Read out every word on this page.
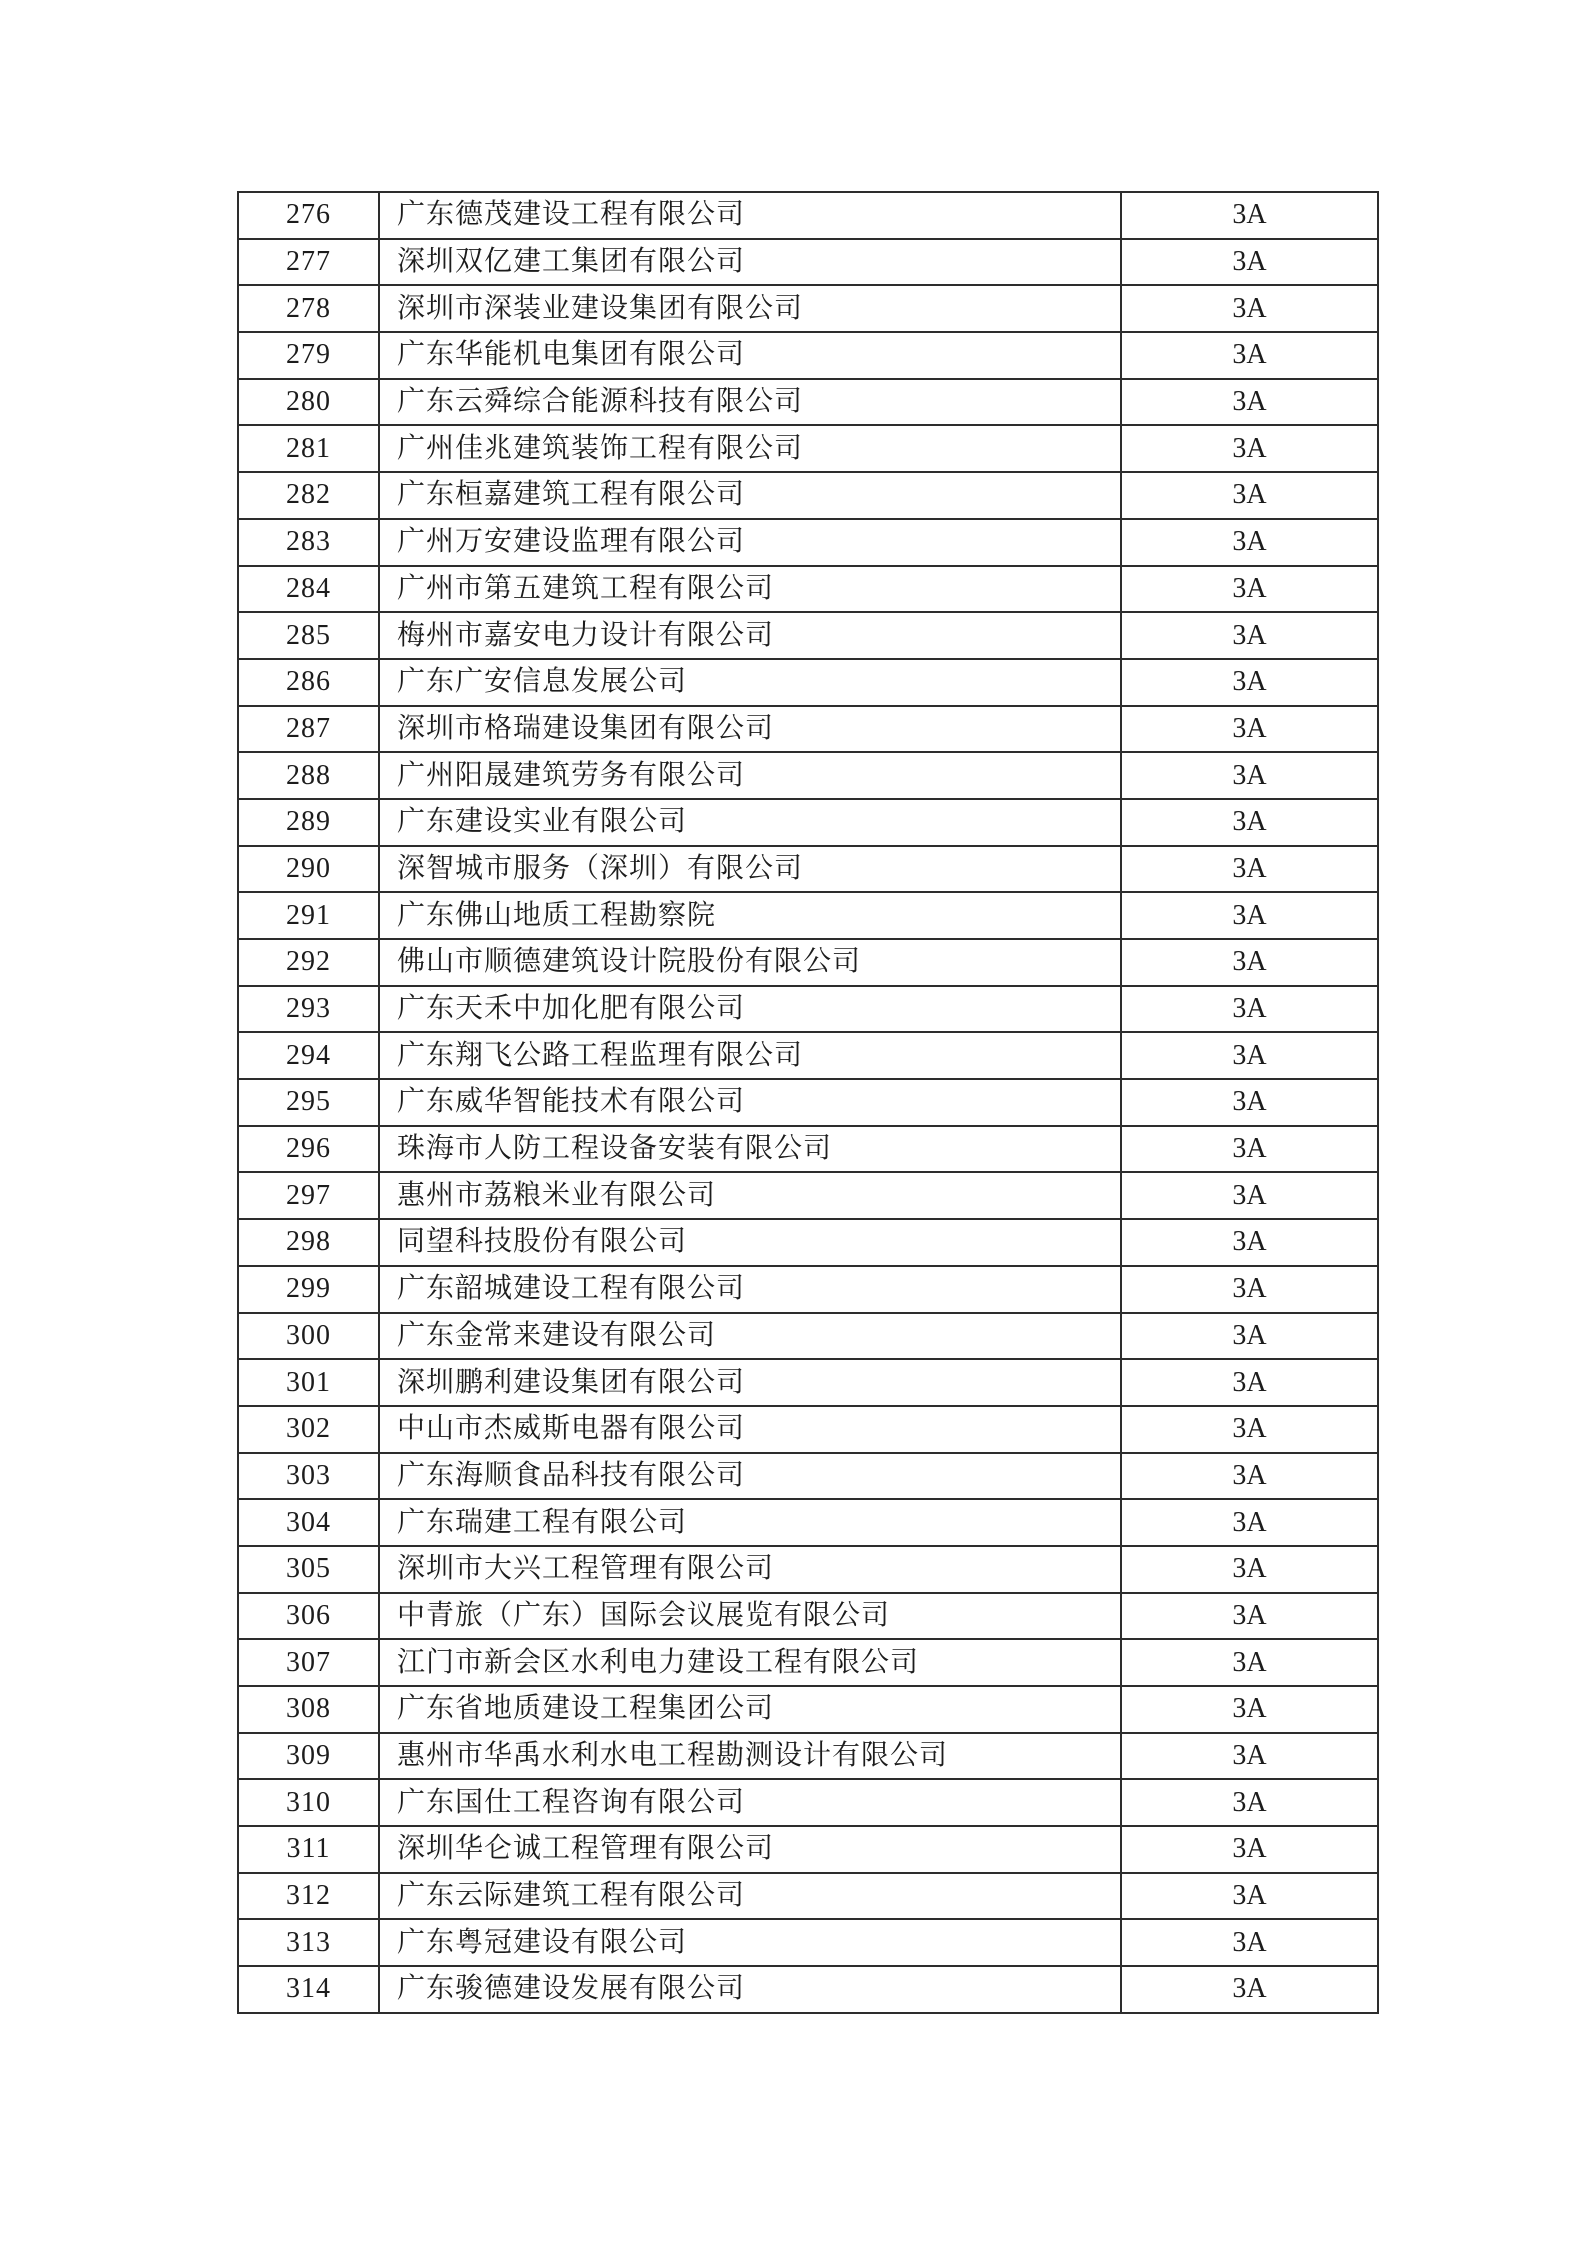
276	广东德茂建设工程有限公司	3A
277	深圳双亿建工集团有限公司	3A
278	深圳市深装业建设集团有限公司	3A
279	广东华能机电集团有限公司	3A
280	广东云舜综合能源科技有限公司	3A
281	广州佳兆建筑装饰工程有限公司	3A
282	广东桓嘉建筑工程有限公司	3A
283	广州万安建设监理有限公司	3A
284	广州市第五建筑工程有限公司	3A
285	梅州市嘉安电力设计有限公司	3A
286	广东广安信息发展公司	3A
287	深圳市格瑞建设集团有限公司	3A
288	广州阳晟建筑劳务有限公司	3A
289	广东建设实业有限公司	3A
290	深智城市服务（深圳）有限公司	3A
291	广东佛山地质工程勘察院	3A
292	佛山市顺德建筑设计院股份有限公司	3A
293	广东天禾中加化肥有限公司	3A
294	广东翔飞公路工程监理有限公司	3A
295	广东威华智能技术有限公司	3A
296	珠海市人防工程设备安装有限公司	3A
297	惠州市荔粮米业有限公司	3A
298	同望科技股份有限公司	3A
299	广东韶城建设工程有限公司	3A
300	广东金常来建设有限公司	3A
301	深圳鹏利建设集团有限公司	3A
302	中山市杰威斯电器有限公司	3A
303	广东海顺食品科技有限公司	3A
304	广东瑞建工程有限公司	3A
305	深圳市大兴工程管理有限公司	3A
306	中青旅（广东）国际会议展览有限公司	3A
307	江门市新会区水利电力建设工程有限公司	3A
308	广东省地质建设工程集团公司	3A
309	惠州市华禹水利水电工程勘测设计有限公司	3A
310	广东国仕工程咨询有限公司	3A
311	深圳华仑诚工程管理有限公司	3A
312	广东云际建筑工程有限公司	3A
313	广东粤冠建设有限公司	3A
314	广东骏德建设发展有限公司	3A
